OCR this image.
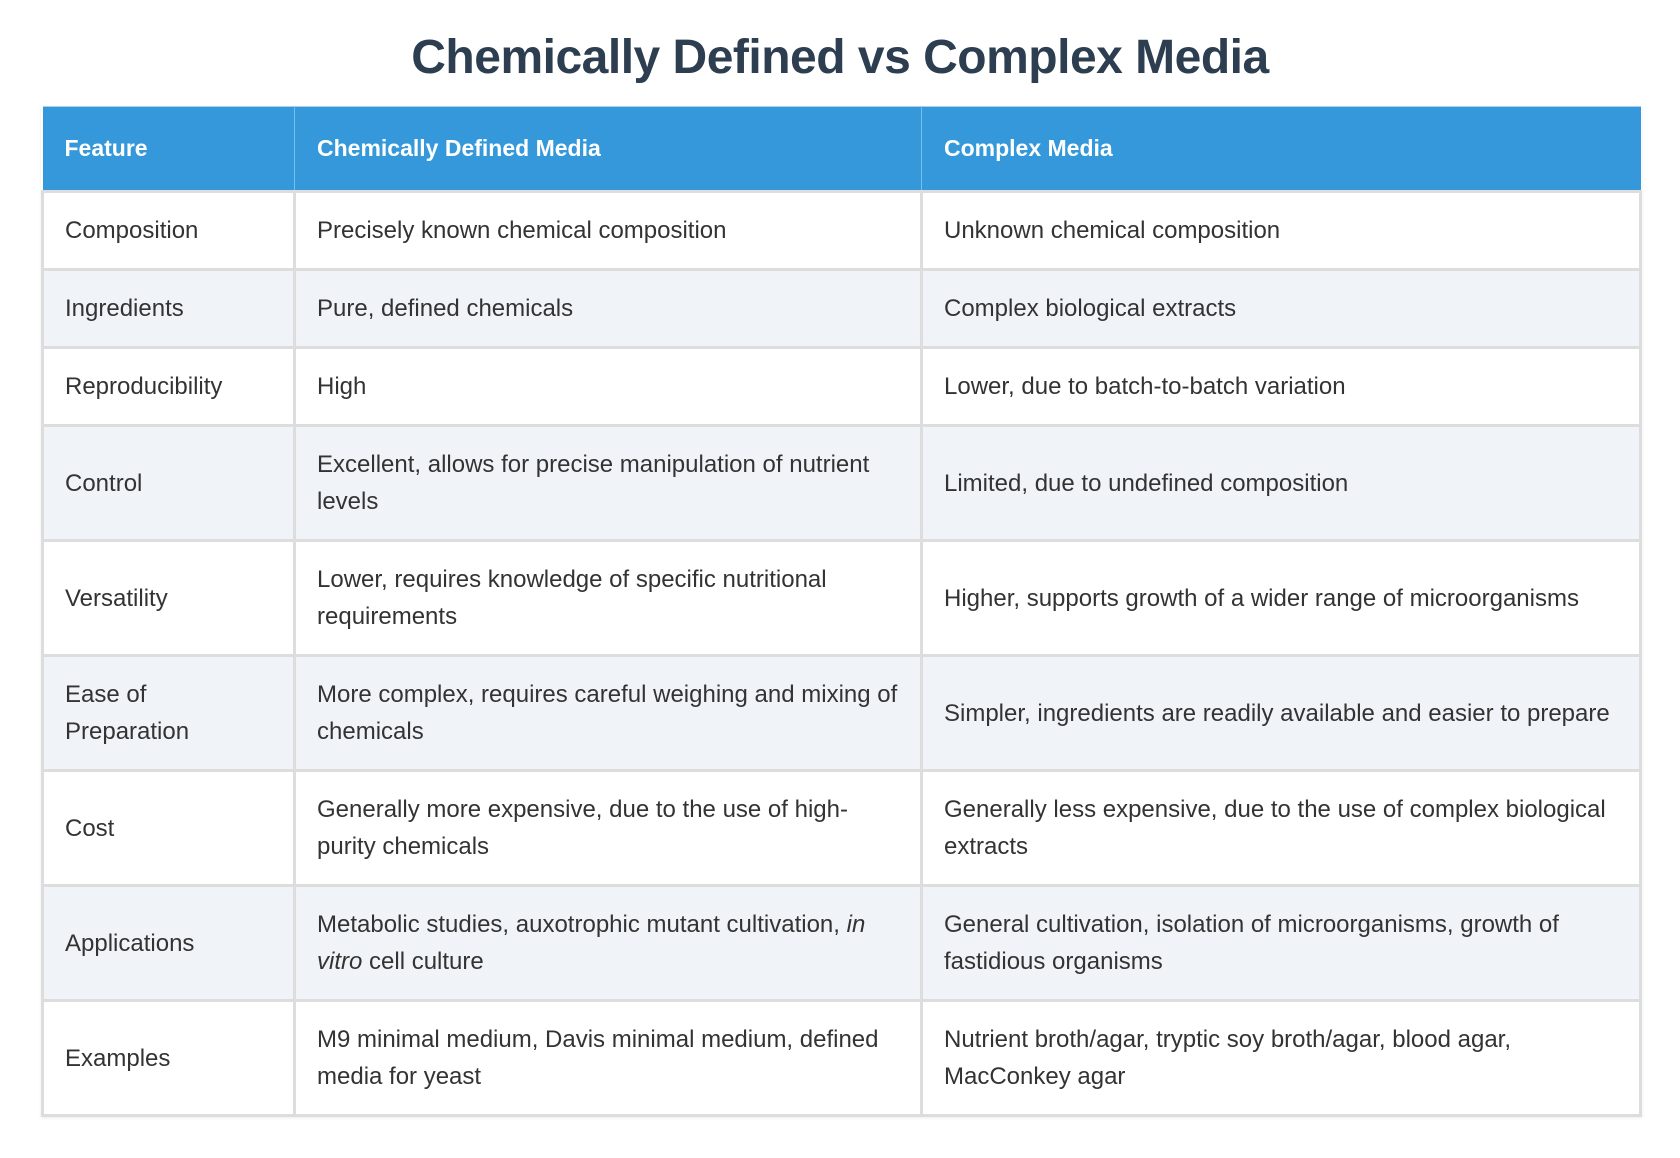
Chemically Defined vs Complex Media
Feature	Chemically Defined Media	Complex Media
Composition	Precisely known chemical composition	Unknown chemical composition
Ingredients	Pure, defined chemicals	Complex biological extracts
Reproducibility	High	Lower, due to batch-to-batch variation
Control	Excellent, allows for precise manipulation of nutrient levels	Limited, due to undefined composition
Versatility	Lower, requires knowledge of specific nutritional requirements	Higher, supports growth of a wider range of microorganisms
Ease of Preparation	More complex, requires careful weighing and mixing of chemicals	Simpler, ingredients are readily available and easier to prepare
Cost	Generally more expensive, due to the use of high-purity chemicals	Generally less expensive, due to the use of complex biological extracts
Applications	Metabolic studies, auxotrophic mutant cultivation, in vitro cell culture	General cultivation, isolation of microorganisms, growth of fastidious organisms
Examples	M9 minimal medium, Davis minimal medium, defined media for yeast	Nutrient broth/agar, tryptic soy broth/agar, blood agar, MacConkey agar
